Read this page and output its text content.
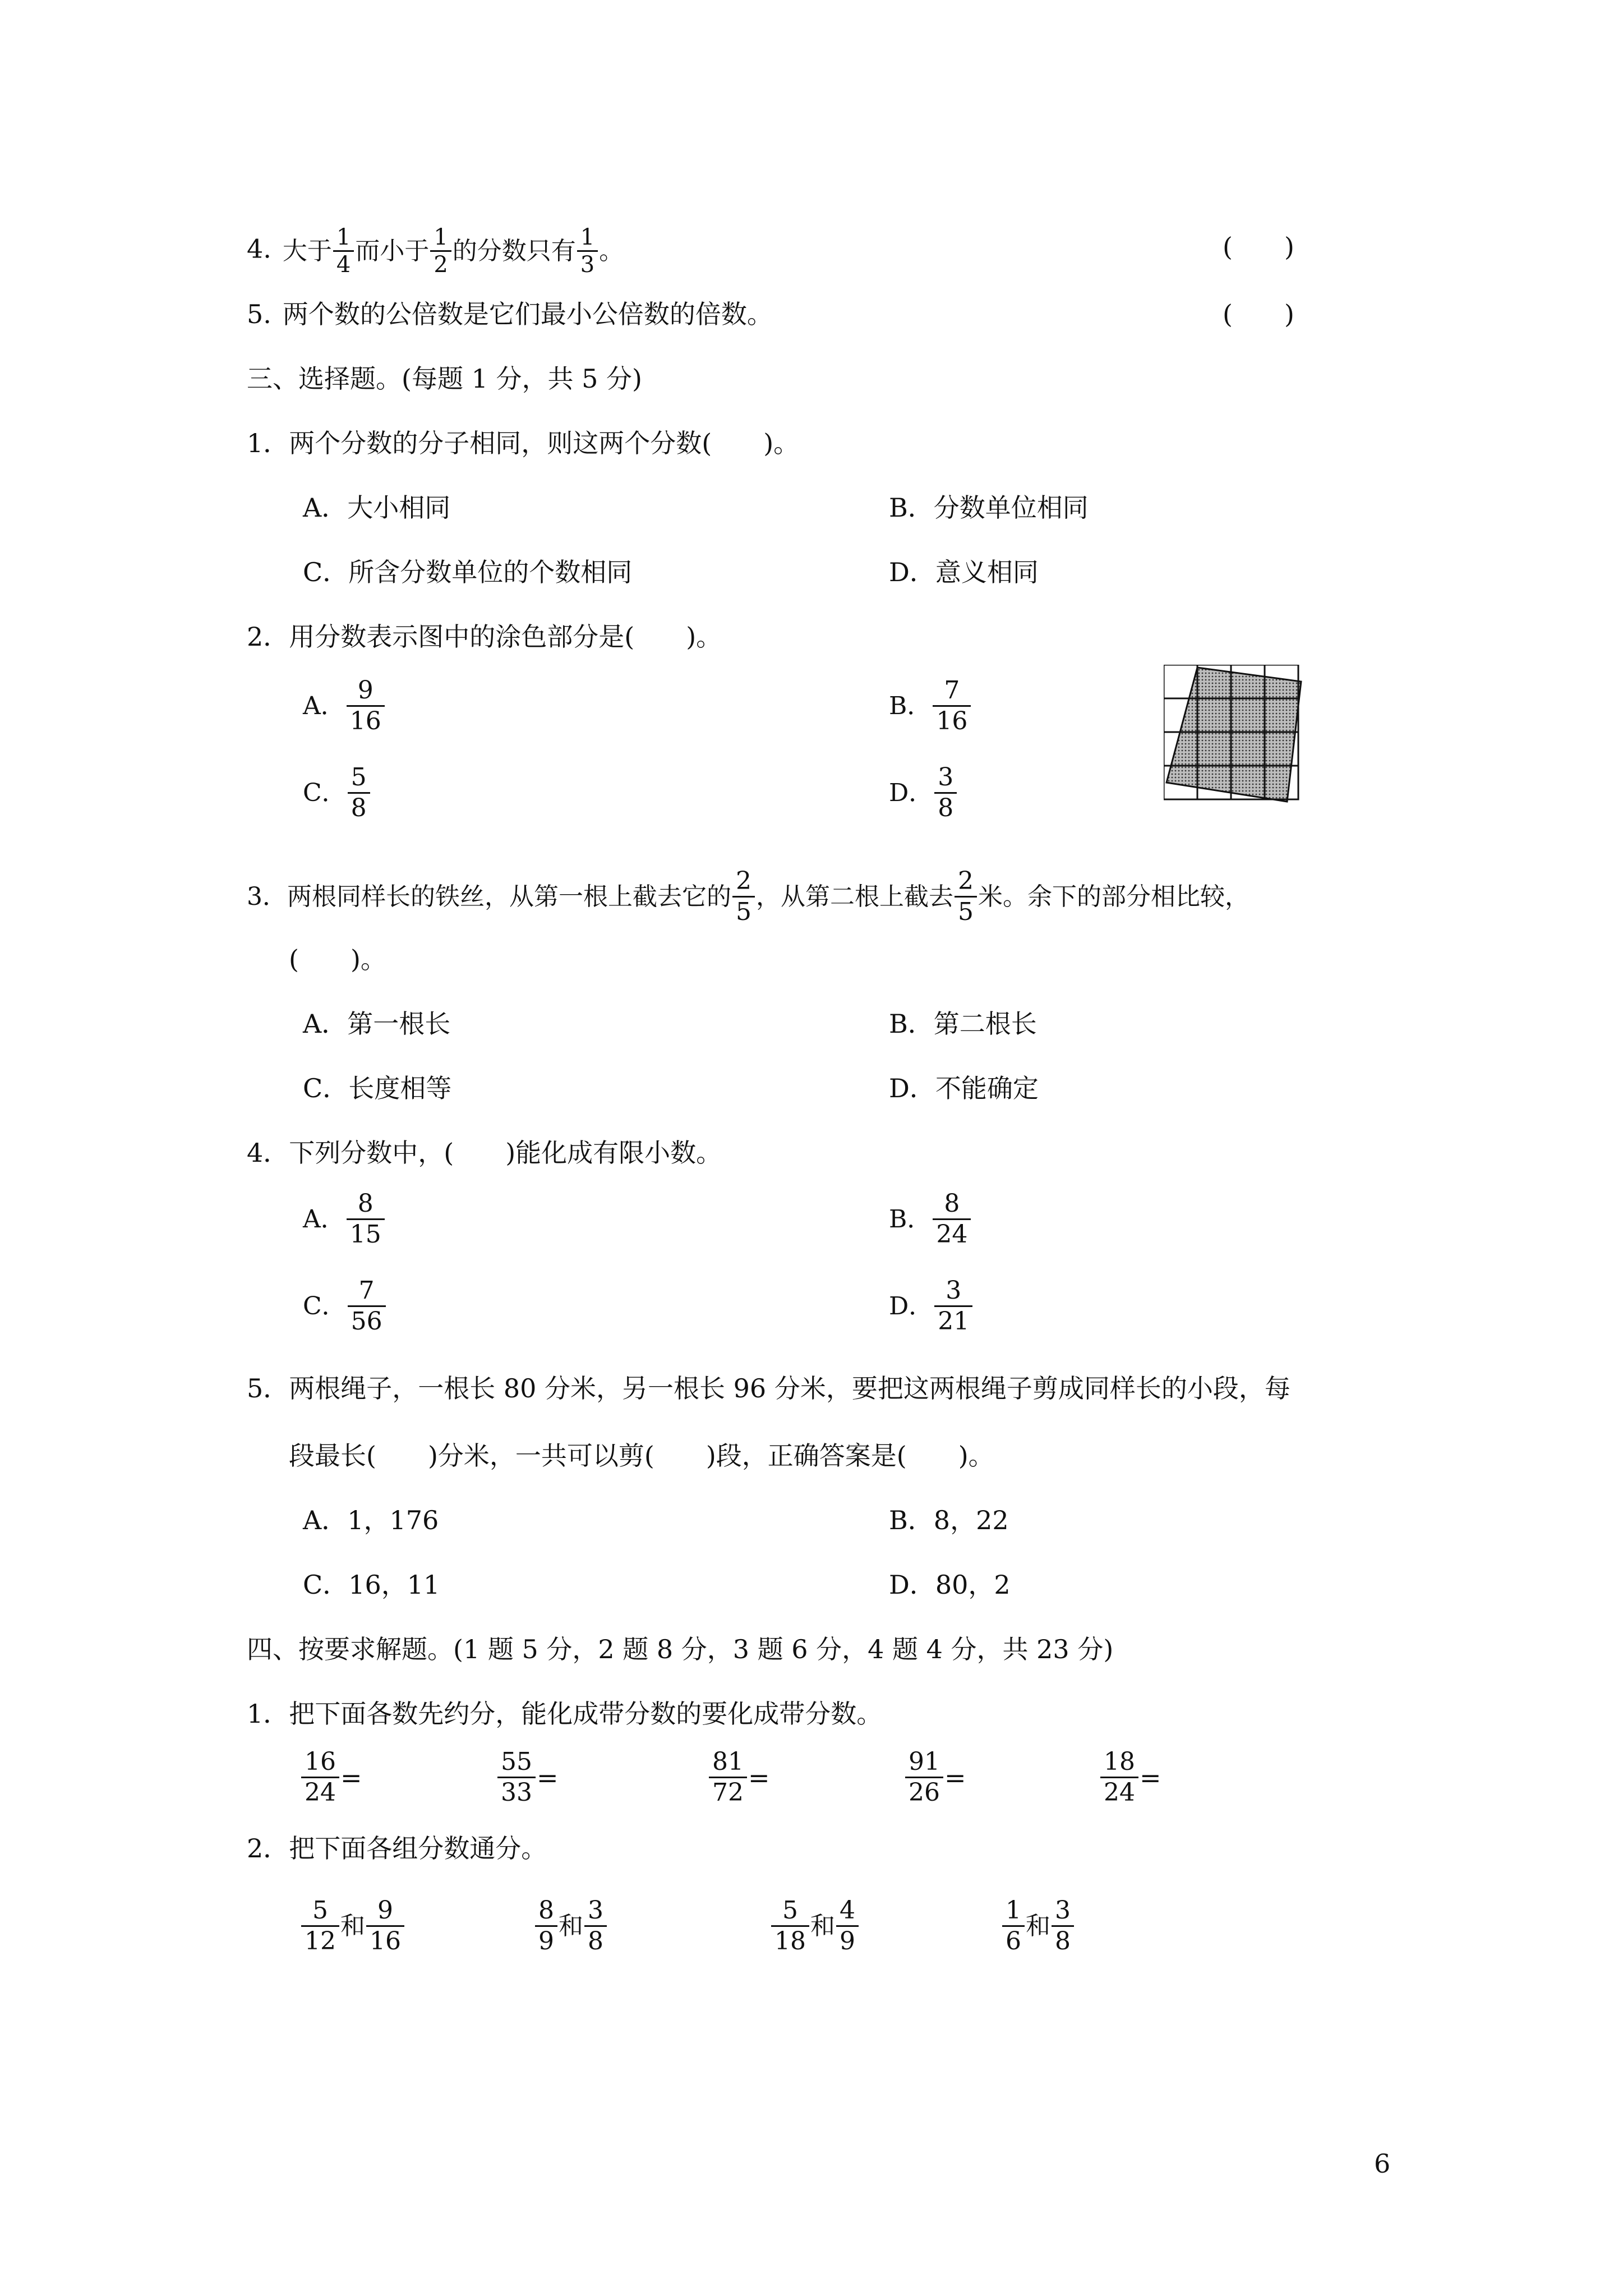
4. 大于 $\frac{1}{4}$ 而小于 $\frac{1}{2}$ 的分数只有 $\frac{1}{3}$ 。	(　　)
5. 两个数的公倍数是它们最小公倍数的倍数。	(　　)
三、选择题。(每题 1 分，共 5 分)
1．两个分数的分子相同，则这两个分数(　　)。
A．大小相同	B．分数单位相同
C．所含分数单位的个数相同	D．意义相同
2．用分数表示图中的涂色部分是(　　)。
A． $\frac{9}{16}$	B． $\frac{7}{16}$
C． $\frac{5}{8}$	D． $\frac{3}{8}$
3．两根同样长的铁丝，从第一根上截去它的 $\frac{2}{5}$ ，从第二根上截去 $\frac{2}{5}$ 米。余下的部分相比较，
(　　)。
A．第一根长	B．第二根长
C．长度相等	D．不能确定
4．下列分数中，(　　)能化成有限小数。
A． $\frac{8}{15}$	B． $\frac{8}{24}$
C． $\frac{7}{56}$	D． $\frac{3}{21}$
5．两根绳子，一根长 80 分米，另一根长 96 分米，要把这两根绳子剪成同样长的小段，每
段最长(　　)分米，一共可以剪(　　)段，正确答案是(　　)。
A．1，176	B．8，22
C．16，11	D．80，2
四、按要求解题。(1 题 5 分，2 题 8 分，3 题 6 分，4 题 4 分，共 23 分)
1．把下面各数先约分，能化成带分数的要化成带分数。
$\frac{16}{24}$ =	$\frac{55}{33}$ =	$\frac{81}{72}$ =	$\frac{91}{26}$ =	$\frac{18}{24}$ =
2．把下面各组分数通分。
$\frac{5}{12}$ 和 $\frac{9}{16}$	$\frac{8}{9}$ 和 $\frac{3}{8}$	$\frac{5}{18}$ 和 $\frac{4}{9}$	$\frac{1}{6}$ 和 $\frac{3}{8}$
6
